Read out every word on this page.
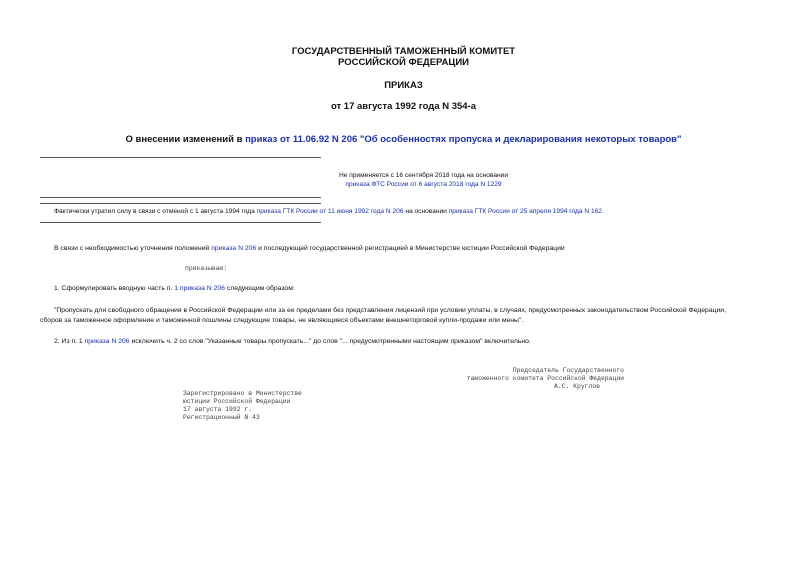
ГОСУДАРСТВЕННЫЙ ТАМОЖЕННЫЙ КОМИТЕТ
РОССИЙСКОЙ ФЕДЕРАЦИИ
ПРИКАЗ
от 17 августа 1992 года N 354-а
О внесении изменений в приказ от 11.06.92 N 206 "Об особенностях пропуска и декларирования некоторых товаров"
Не применяется с 16 сентября 2018 года на основании
приказа ФТС России от 6 августа 2018 года N 1229
Фактически утратил силу в связи с отменой с 1 августа 1994 года приказа ГТК России от 11 июня 1992 года N 206 на основании приказа ГТК России от 25 апреля 1994 года N 162.
В связи с необходимостью уточнения положений приказа N 206 и последующей государственной регистрацией в Министерстве юстиции Российской Федерации
приказываю:
1. Сформулировать вводную часть п. 1 приказа N 206 следующим образом:
"Пропускать для свободного обращения в Российской Федерации или за ее пределами без представления лицензий при условии уплаты, в случаях, предусмотренных законодательством Российской Федерации,
сборов за таможенное оформление и таможенной пошлины следующие товары, не являющиеся объектами внешнеторговой купли-продажи или мены".
2. Из п. 1 приказа N 206 исключить ч. 2 со слов "Указанные товары пропускать..." до слов "... предусмотренными настоящим приказом" включительно.
Председатель Государственного
таможенного комитета Российской Федерации
А.С. Круглов
Зарегистрировано в Министерстве
юстиции Российской Федерации
17 августа 1992 г.
Регистрационный N 43
